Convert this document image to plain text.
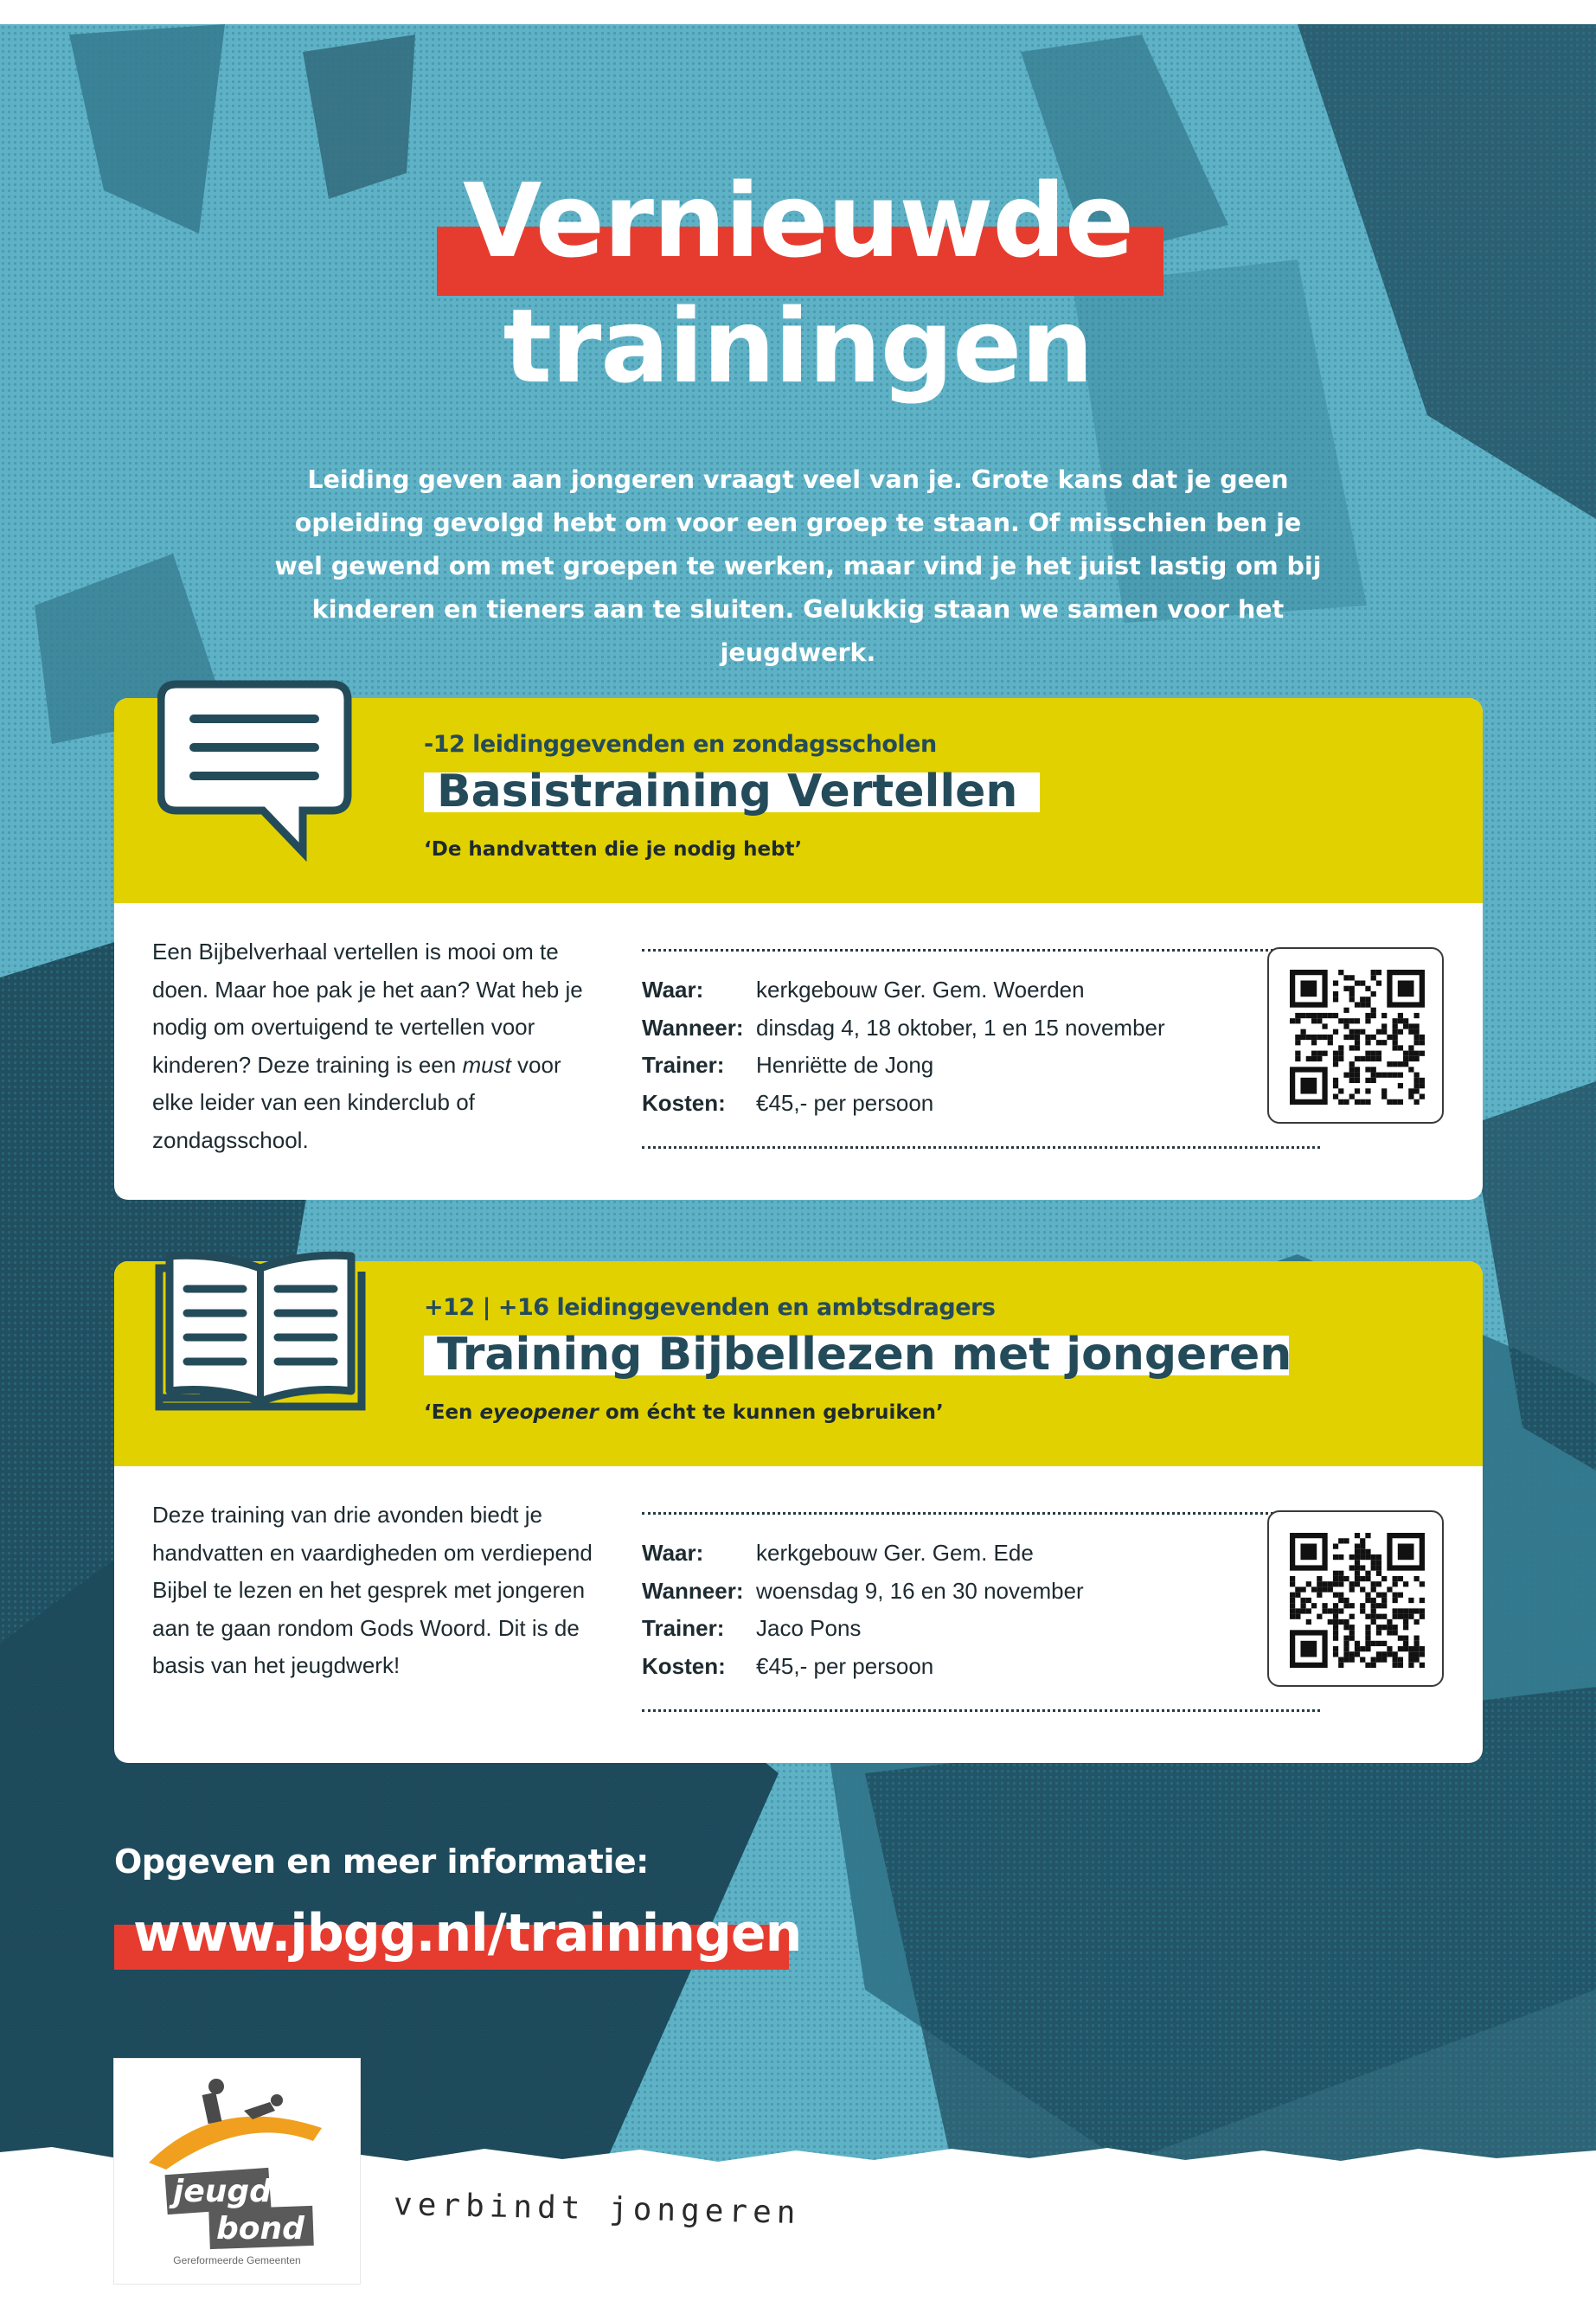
Vernieuwde
trainingen
Leiding geven aan jongeren vraagt veel van je. Grote kans dat je geen opleiding gevolgd hebt om voor een groep te staan. Of misschien ben je wel gewend om met groepen te werken, maar vind je het juist lastig om bij kinderen en tieners aan te sluiten. Gelukkig staan we samen voor het jeugdwerk.
-12 leidinggevenden en zondagsscholen
Basistraining Vertellen
‘De handvatten die je nodig hebt’
Een Bijbelverhaal vertellen is mooi om te doen. Maar hoe pak je het aan? Wat heb je nodig om overtuigend te vertellen voor kinderen? Deze training is een must voor elke leider van een kinderclub of zondagsschool.
Waar:	kerkgebouw Ger. Gem. Woerden
Wanneer: dinsdag 4, 18 oktober, 1 en 15 november
Trainer:	Henriëtte de Jong
Kosten:	€45,- per persoon
+12 | +16 leidinggevenden en ambtsdragers
Training Bijbellezen met jongeren
‘Een eyeopener om écht te kunnen gebruiken’
Deze training van drie avonden biedt je handvatten en vaardigheden om verdiepend Bijbel te lezen en het gesprek met jongeren aan te gaan rondom Gods Woord. Dit is de basis van het jeugdwerk!
Waar:	kerkgebouw Ger. Gem. Ede
Wanneer: woensdag 9, 16 en 30 november
Trainer:	Jaco Pons
Kosten:	€45,- per persoon
Opgeven en meer informatie:
www.jbgg.nl/trainingen
jeugd
bond
Gereformeerde Gemeenten
verbindt jongeren
